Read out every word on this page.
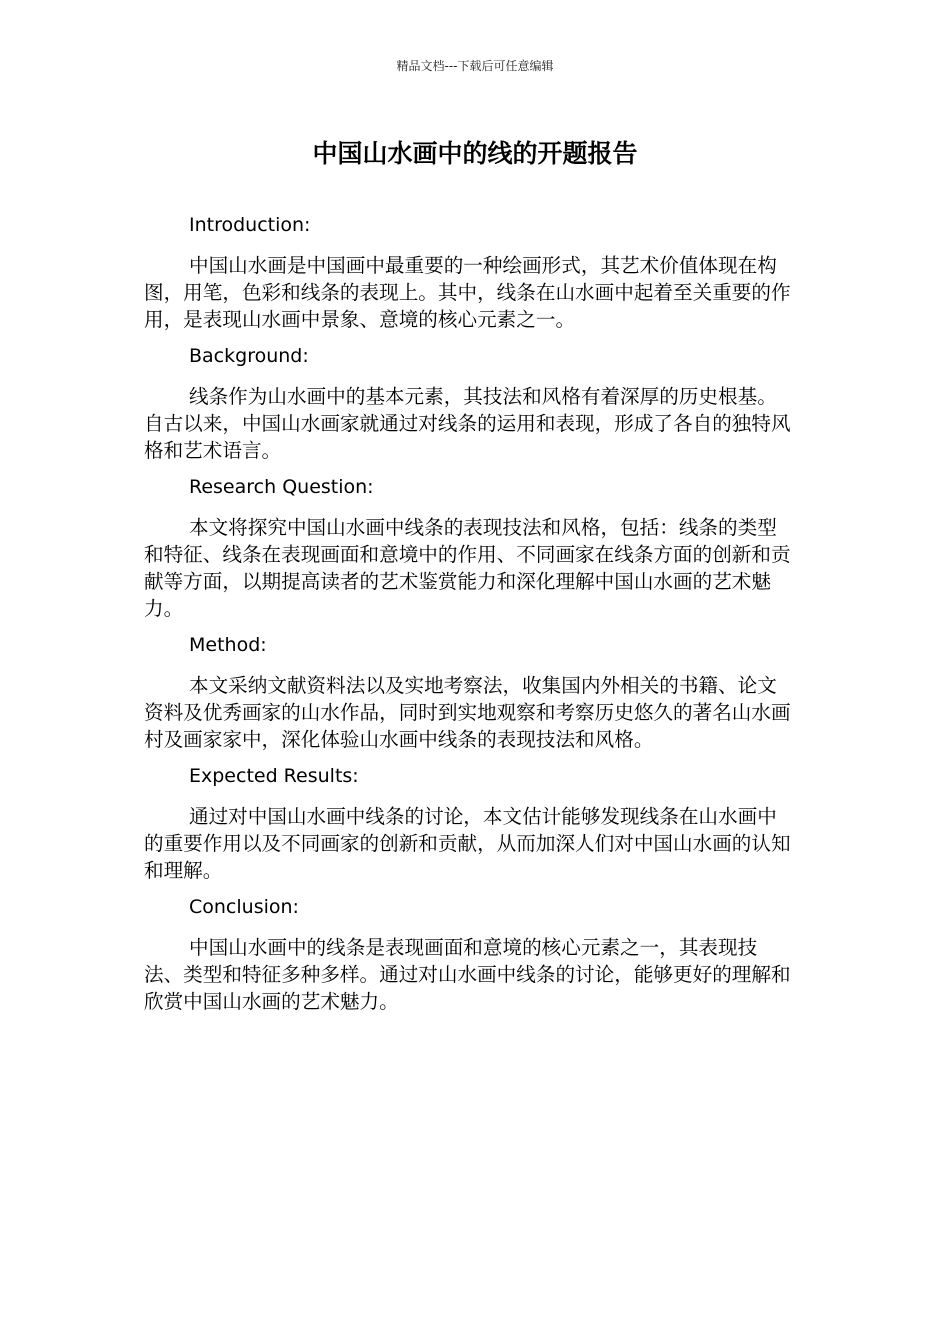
精品文档---下载后可任意编辑
中国山水画中的线的开题报告

Introduction:

中国山水画是中国画中最重要的一种绘画形式，其艺术价值体现在构图，用笔，色彩和线条的表现上。其中，线条在山水画中起着至关重要的作用，是表现山水画中景象、意境的核心元素之一。

Background:

线条作为山水画中的基本元素，其技法和风格有着深厚的历史根基。自古以来，中国山水画家就通过对线条的运用和表现，形成了各自的独特风格和艺术语言。

Research Question:

本文将探究中国山水画中线条的表现技法和风格，包括：线条的类型和特征、线条在表现画面和意境中的作用、不同画家在线条方面的创新和贡献等方面，以期提高读者的艺术鉴赏能力和深化理解中国山水画的艺术魅力。

Method:

本文采纳文献资料法以及实地考察法，收集国内外相关的书籍、论文资料及优秀画家的山水作品，同时到实地观察和考察历史悠久的著名山水画村及画家家中，深化体验山水画中线条的表现技法和风格。

Expected Results:

通过对中国山水画中线条的讨论，本文估计能够发现线条在山水画中的重要作用以及不同画家的创新和贡献，从而加深人们对中国山水画的认知和理解。

Conclusion:

中国山水画中的线条是表现画面和意境的核心元素之一，其表现技法、类型和特征多种多样。通过对山水画中线条的讨论，能够更好的理解和欣赏中国山水画的艺术魅力。
